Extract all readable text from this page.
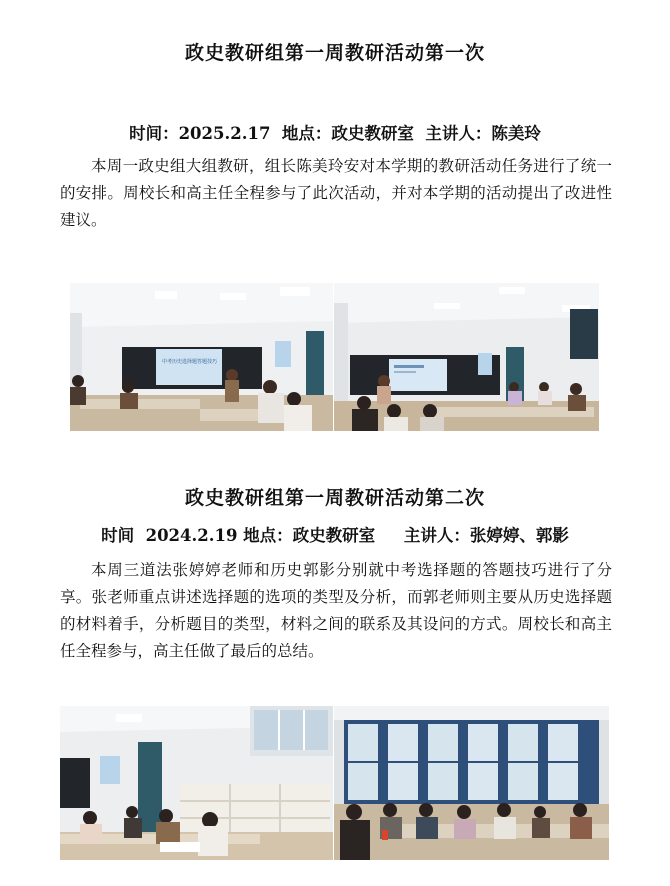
政史教研组第一周教研活动第一次
时间：2025.2.17  地点：政史教研室  主讲人：陈美玲
本周一政史组大组教研，组长陈美玲安对本学期的教研活动任务进行了统一的安排。周校长和高主任全程参与了此次活动，并对本学期的活动提出了改进性建议。
中考历史选择题答题技巧
政史教研组第一周教研活动第二次
时间  2024.2.19 地点：政史教研室     主讲人：张婷婷、郭影
本周三道法张婷婷老师和历史郭影分别就中考选择题的答题技巧进行了分享。张老师重点讲述选择题的选项的类型及分析，而郭老师则主要从历史选择题的材料着手，分析题目的类型，材料之间的联系及其设问的方式。周校长和高主任全程参与，高主任做了最后的总结。
